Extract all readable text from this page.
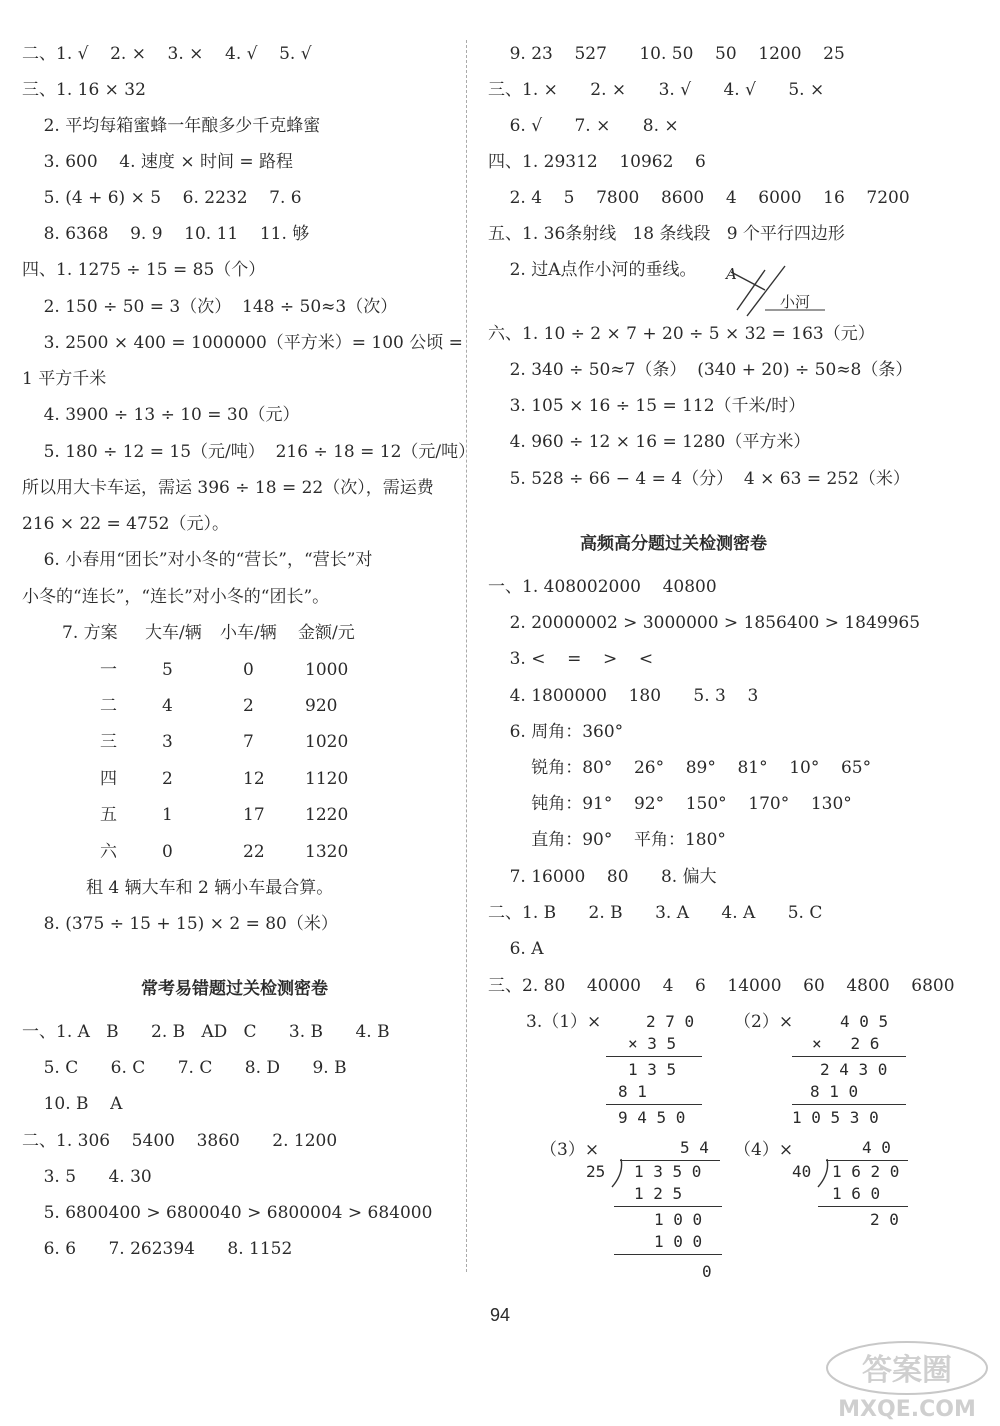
二、1. √    2. ×    3. ×    4. √    5. √
三、1. 16 × 32
2. 平均每箱蜜蜂一年酿多少千克蜂蜜
3. 600    4. 速度 × 时间 = 路程
5. (4 + 6) × 5    6. 2232    7. 6
8. 6368    9. 9    10. 11    11. 够
四、1. 1275 ÷ 15 = 85（个）
2. 150 ÷ 50 = 3（次）  148 ÷ 50≈3（次）
3. 2500 × 400 = 1000000（平方米）= 100 公顷 =
1 平方千米
4. 3900 ÷ 13 ÷ 10 = 30（元）
5. 180 ÷ 12 = 15（元/吨）  216 ÷ 18 = 12（元/吨）
所以用大卡车运，需运 396 ÷ 18 = 22（次），需运费
216 × 22 = 4752（元）。
6. 小春用“团长”对小冬的“营长”，“营长”对
小冬的“连长”，“连长”对小冬的“团长”。
7. 方案 大车/辆 小车/辆 金额/元
一	5	0	1000
二	4	2	920
三	3	7	1020
四	2	12 1120
五	1	17 1220
六	0	22 1320
租 4 辆大车和 2 辆小车最合算。
8. (375 ÷ 15 + 15) × 2 = 80（米）
常考易错题过关检测密卷
一、1. A   B      2. B   AD   C      3. B      4. B
5. C      6. C      7. C      8. D      9. B
10. B    A
二、1. 306    5400    3860      2. 1200
3. 5      4. 30
5. 6800400 > 6800040 > 6800004 > 684000
6. 6      7. 262394      8. 1152
9. 23    527      10. 50    50    1200    25
三、1. ×      2. ×      3. √      4. √      5. ×
6. √      7. ×      8. ×
四、1. 29312    10962    6
2. 4    5    7800    8600    4    6000    16    7200
五、1. 36条射线   18 条线段   9 个平行四边形
2. 过A点作小河的垂线。 A
小河
六、1. 10 ÷ 2 × 7 + 20 ÷ 5 × 32 = 163（元）
2. 340 ÷ 50≈7（条）  (340 + 20) ÷ 50≈8（条）
3. 105 × 16 ÷ 15 = 112（千米/时）
4. 960 ÷ 12 × 16 = 1280（平方米）
5. 528 ÷ 66 − 4 = 4（分）  4 × 63 = 252（米）
高频高分题过关检测密卷
一、1. 408002000    40800
2. 20000002 > 3000000 > 1856400 > 1849965
3. <    =    >    <
4. 1800000    180      5. 3    3
6. 周角：360°
锐角：80°    26°    89°    81°    10°    65°
钝角：91°    92°    150°    170°    130°
直角：90°    平角：180°
7. 16000    80      8. 偏大
二、1. B      2. B      3. A      4. A      5. C
6. A
三、2. 80    40000    4    6    14000    60    4800    6800
3.（1）×	（2）×
（3）×	（4）×
2 7 0
× 3 5
1 3 5
8 1
9 4 5 0
4 0 5
×   2 6
2 4 3 0
8 1 0
1 0 5 3 0
5 4
25 1 3 5 0
1 2 5
1 0 0
1 0 0
0
4 0
40 1 6 2 0
1 6 0
2 0
94
答案圈
MXQE.COM
